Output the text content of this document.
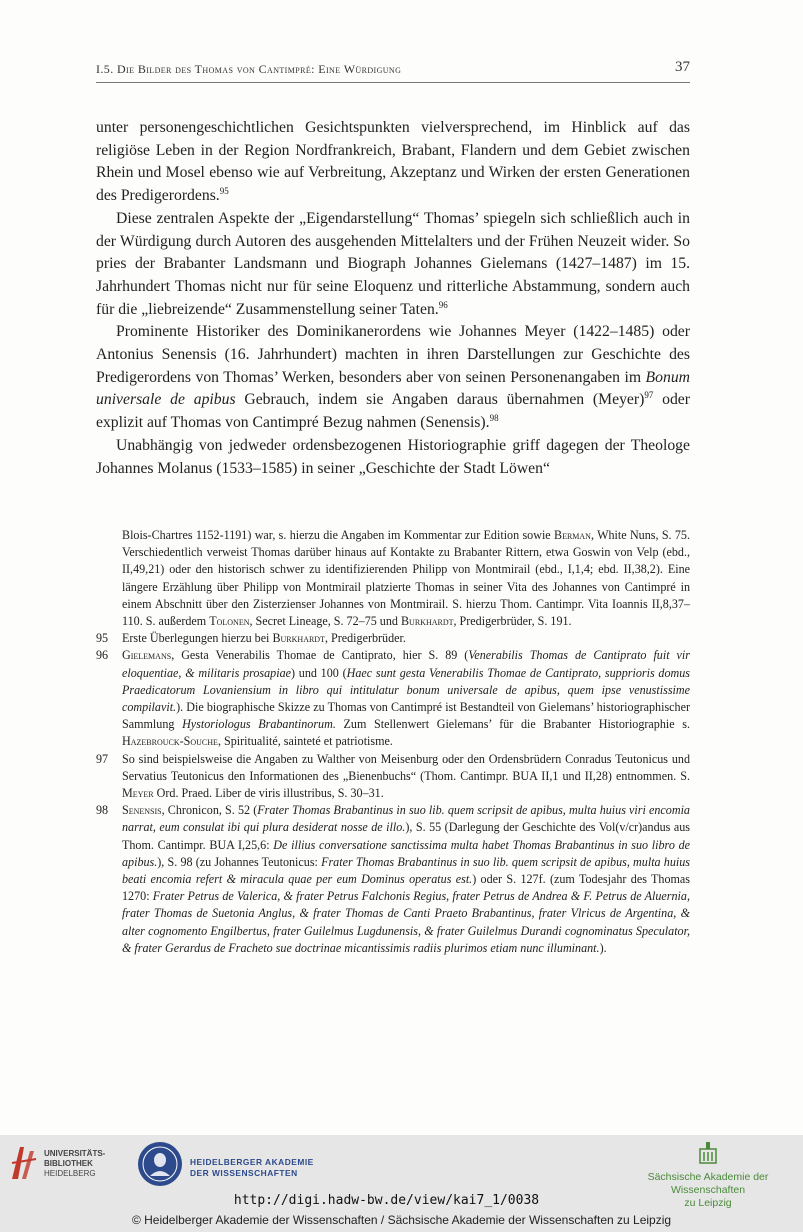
I.5. Die Bilder des Thomas von Cantimpré: Eine Würdigung	37

unter personengeschichtlichen Gesichtspunkten vielversprechend, im Hinblick auf das religiöse Leben in der Region Nordfrankreich, Brabant, Flandern und dem Gebiet zwischen Rhein und Mosel ebenso wie auf Verbreitung, Akzeptanz und Wirken der ersten Generationen des Predigerordens.$^{95}$

Diese zentralen Aspekte der „Eigendarstellung“ Thomas’ spiegeln sich schließlich auch in der Würdigung durch Autoren des ausgehenden Mittelalters und der Frühen Neuzeit wider. So pries der Brabanter Landsmann und Biograph Johannes Gielemans (1427–1487) im 15. Jahrhundert Thomas nicht nur für seine Eloquenz und ritterliche Abstammung, sondern auch für die „liebreizende“ Zusammenstellung seiner Taten.$^{96}$

Prominente Historiker des Dominikanerordens wie Johannes Meyer (1422–1485) oder Antonius Senensis (16. Jahrhundert) machten in ihren Darstellungen zur Geschichte des Predigerordens von Thomas’ Werken, besonders aber von seinen Personenangaben im Bonum universale de apibus Gebrauch, indem sie Angaben daraus übernahmen (Meyer)$^{97}$ oder explizit auf Thomas von Cantimpré Bezug nahmen (Senensis).$^{98}$

Unabhängig von jedweder ordensbezogenen Historiographie griff dagegen der Theologe Johannes Molanus (1533–1585) in seiner „Geschichte der Stadt Löwen“

Blois-Chartres 1152-1191) war, s. hierzu die Angaben im Kommentar zur Edition sowie Berman, White Nuns, S. 75. Verschiedentlich verweist Thomas darüber hinaus auf Kontakte zu Brabanter Rittern, etwa Goswin von Velp (ebd., II,49,21) oder den historisch schwer zu identifizierenden Philipp von Montmirail (ebd., I,1,4; ebd. II,38,2). Eine längere Erzählung über Philipp von Montmirail platzierte Thomas in seiner Vita des Johannes von Cantimpré in einem Abschnitt über den Zisterzienser Johannes von Montmirail. S. hierzu Thom. Cantimpr. Vita Ioannis II,8,37–110. S. außerdem Tolonen, Secret Lineage, S. 72–75 und Burkhardt, Predigerbrüder, S. 191.

95 Erste Überlegungen hierzu bei Burkhardt, Predigerbrüder.

96 Gielemans, Gesta Venerabilis Thomae de Cantiprato, hier S. 89 (Venerabilis Thomas de Cantiprato fuit vir eloquentiae, & militaris prosapiae) und 100 (Haec sunt gesta Venerabilis Thomae de Cantiprato, supprioris domus Praedicatorum Lovaniensium in libro qui intitulatur bonum universale de apibus, quem ipse venustissime compilavit.). Die biographische Skizze zu Thomas von Cantimpré ist Bestandteil von Gielemans’ historiographischer Sammlung Hystoriologus Brabantinorum. Zum Stellenwert Gielemans’ für die Brabanter Historiographie s. Hazebrouck-Souche, Spiritualité, sainteté et patriotisme.

97 So sind beispielsweise die Angaben zu Walther von Meisenburg oder den Ordensbrüdern Conradus Teutonicus und Servatius Teutonicus den Informationen des „Bienenbuchs“ (Thom. Cantimpr. BUA II,1 und II,28) entnommen. S. Meyer Ord. Praed. Liber de viris illustribus, S. 30–31.

98 Senensis, Chronicon, S. 52 (Frater Thomas Brabantinus in suo lib. quem scripsit de apibus, multa huius viri encomia narrat, eum consulat ibi qui plura desiderat nosse de illo.), S. 55 (Darlegung der Geschichte des Vol(v/cr)andus aus Thom. Cantimpr. BUA I,25,6: De illius conversatione sanctissima multa habet Thomas Brabantinus in suo libro de apibus.), S. 98 (zu Johannes Teutonicus: Frater Thomas Brabantinus in suo lib. quem scripsit de apibus, multa huius beati encomia refert & miracula quae per eum Dominus operatus est.) oder S. 127f. (zum Todesjahr des Thomas 1270: Frater Petrus de Valerica, & frater Petrus Falchonis Regius, frater Petrus de Andrea & F. Petrus de Aluernia, frater Thomas de Suetonia Anglus, & frater Thomas de Canti Praeto Brabantinus, frater Vlricus de Argentina, & alter cognomento Engilbertus, frater Guilelmus Lugdunensis, & frater Guilelmus Durandi cognominatus Speculator, & frater Gerardus de Fracheto sue doctrinae micantissimis radiis plurimos etiam nunc illuminant.).

UNIVERSITÄTS-
BIBLIOTHEK
HEIDELBERG
HEIDELBERGER AKADEMIE
DER WISSENSCHAFTEN	Sächsische Akademie der Wissenschaften
zu Leipzig
http://digi.hadw-bw.de/view/kai7_1/0038
© Heidelberger Akademie der Wissenschaften / Sächsische Akademie der Wissenschaften zu Leipzig
